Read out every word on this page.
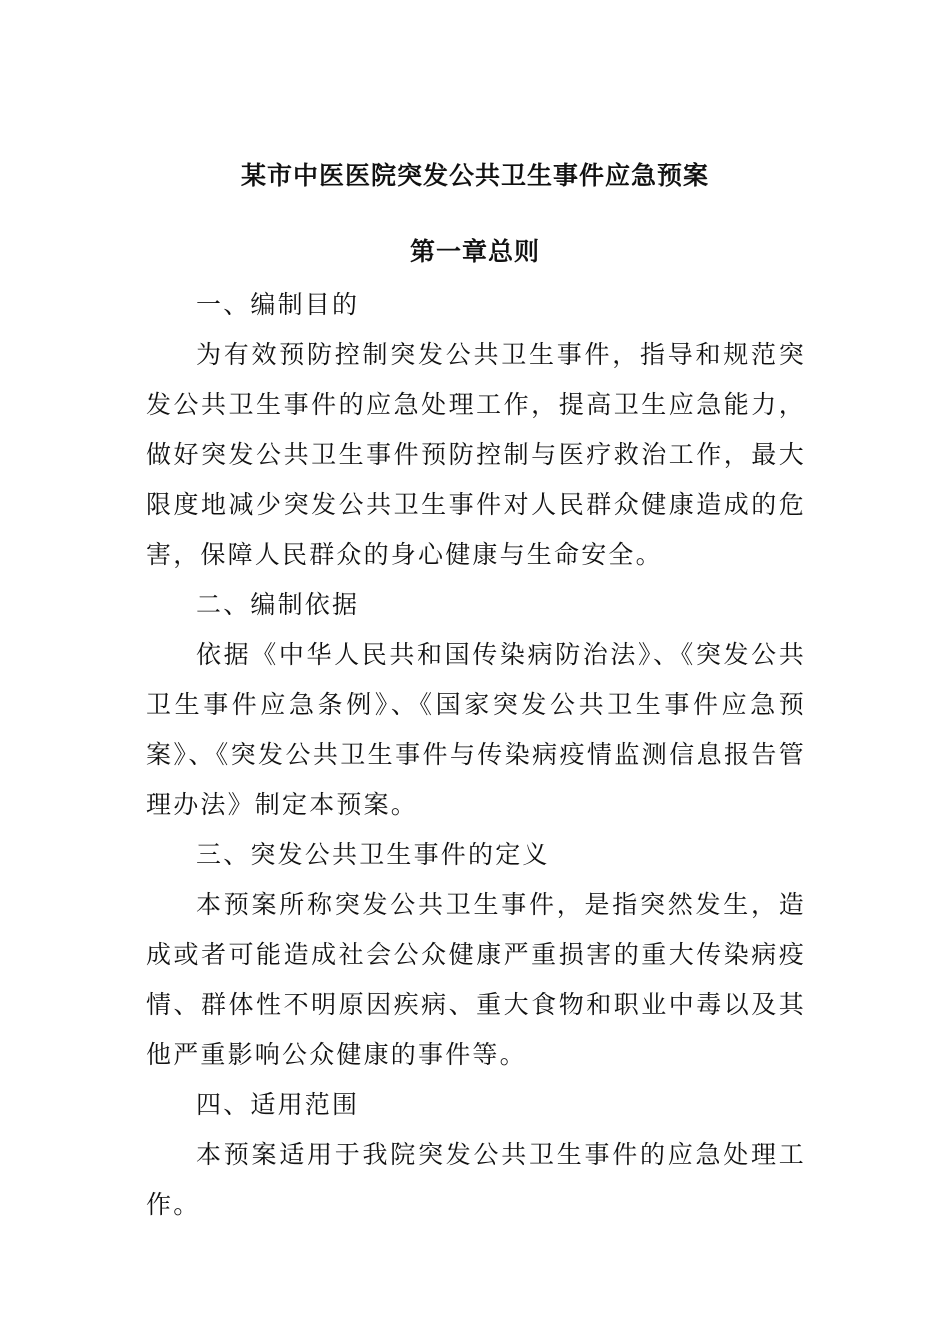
某市中医医院突发公共卫生事件应急预案
第一章总则

一、编制目的

为有效预防控制突发公共卫生事件，指导和规范突发公共卫生事件的应急处理工作，提高卫生应急能力，做好突发公共卫生事件预防控制与医疗救治工作，最大限度地减少突发公共卫生事件对人民群众健康造成的危害，保障人民群众的身心健康与生命安全。

二、编制依据

依据《中华人民共和国传染病防治法》、《突发公共卫生事件应急条例》、《国家突发公共卫生事件应急预案》、《突发公共卫生事件与传染病疫情监测信息报告管理办法》制定本预案。

三、突发公共卫生事件的定义

本预案所称突发公共卫生事件，是指突然发生，造成或者可能造成社会公众健康严重损害的重大传染病疫情、群体性不明原因疾病、重大食物和职业中毒以及其他严重影响公众健康的事件等。

四、适用范围

本预案适用于我院突发公共卫生事件的应急处理工作。
